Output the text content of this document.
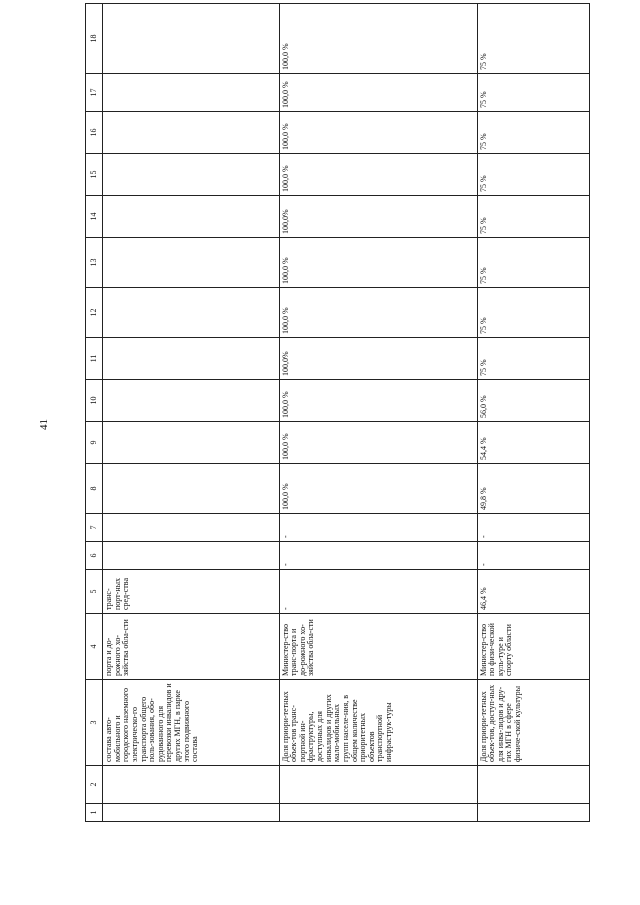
41
1	2	3	4	5	6	7	8	9	10	11	12	13	14	15	16	17	18
		состава авто-мобильного и городского наземного электрическо-го транспорта общего поль-зования, обо-рудованного для перевозки инвалидов и других МГН, в парке этого подвижного состава	порта и до-рожного хо-зяйства обла-сти	транс-порт-ных сред-ства													
		Доля приори-тетных объек-тов транс-портной ин-фраструктуры, доступных для инвалидов и других мало-мобильных групп населе-ния, в общем количестве приоритетных объектов транспортной инфраструк-туры	Министер-ство транс-порта и до-рожного хо-зяйства обла-сти	-	-	-	100,0 %	100,0 %	100,0 %	100,0%	100,0 %	100,0 %	100,0%	100,0 %	100,0 %	100,0 %	100,0 %
		Доля приори-тетных объек-тов, доступ-ных для инва-лидов и дру-гих МГН в сфере физиче-ской культуры	Министер-ство по физи-ческой куль-туре и спорту области	46,4 %	-	-	49,8 %	54,4 %	56,0 %	75 %	75 %	75 %	75 %	75 %	75 %	75 %	75 %
